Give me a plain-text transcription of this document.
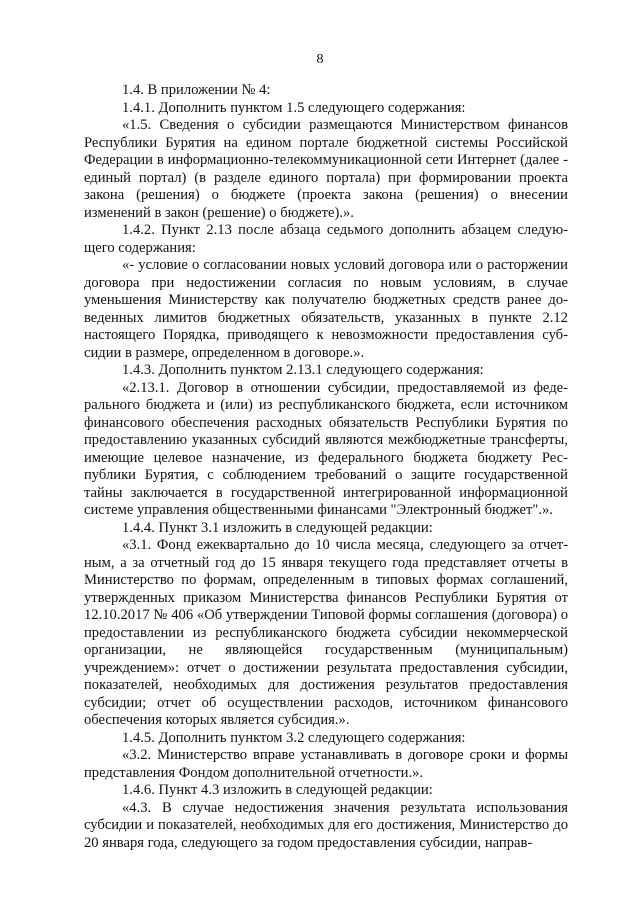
8

1.4. В приложении № 4:

1.4.1. Дополнить пунктом 1.5 следующего содержания:

«1.5. Сведения о субсидии размещаются Министерством финансов Республики Бурятия на едином портале бюджетной системы Российской Федерации в информационно-телекоммуникационной сети Интернет (далее - единый портал) (в разделе единого портала) при формировании проекта закона (решения) о бюджете (проекта закона (решения) о внесении изменений в закон (решение) о бюджете).».

1.4.2. Пункт 2.13 после абзаца седьмого дополнить абзацем следующего содержания:

«- условие о согласовании новых условий договора или о расторжении договора при недостижении согласия по новым условиям, в случае уменьшения Министерству как получателю бюджетных средств ранее доведенных лимитов бюджетных обязательств, указанных в пункте 2.12 настоящего Порядка, приводящего к невозможности предоставления субсидии в размере, определенном в договоре.».

1.4.3. Дополнить пунктом 2.13.1 следующего содержания:

«2.13.1. Договор в отношении субсидии, предоставляемой из федерального бюджета и (или) из республиканского бюджета, если источником финансового обеспечения расходных обязательств Республики Бурятия по предоставлению указанных субсидий являются межбюджетные трансферты, имеющие целевое назначение, из федерального бюджета бюджету Республики Бурятия, с соблюдением требований о защите государственной тайны заключается в государственной интегрированной информационной системе управления общественными финансами "Электронный бюджет".».

1.4.4. Пункт 3.1 изложить в следующей редакции:

«3.1. Фонд ежеквартально до 10 числа месяца, следующего за отчетным, а за отчетный год до 15 января текущего года представляет отчеты в Министерство по формам, определенным в типовых формах соглашений, утвержденных приказом Министерства финансов Республики Бурятия от 12.10.2017 № 406 «Об утверждении Типовой формы соглашения (договора) о предоставлении из республиканского бюджета субсидии некоммерческой организации, не являющейся государственным (муниципальным) учреждением»: отчет о достижении результата предоставления субсидии, показателей, необходимых для достижения результатов предоставления субсидии; отчет об осуществлении расходов, источником финансового обеспечения которых является субсидия.».

1.4.5. Дополнить пунктом 3.2 следующего содержания:

«3.2. Министерство вправе устанавливать в договоре сроки и формы представления Фондом дополнительной отчетности.».

1.4.6. Пункт 4.3 изложить в следующей редакции:

«4.3. В случае недостижения значения результата использования субсидии и показателей, необходимых для его достижения, Министерство до 20 января года, следующего за годом предоставления субсидии, направ-
